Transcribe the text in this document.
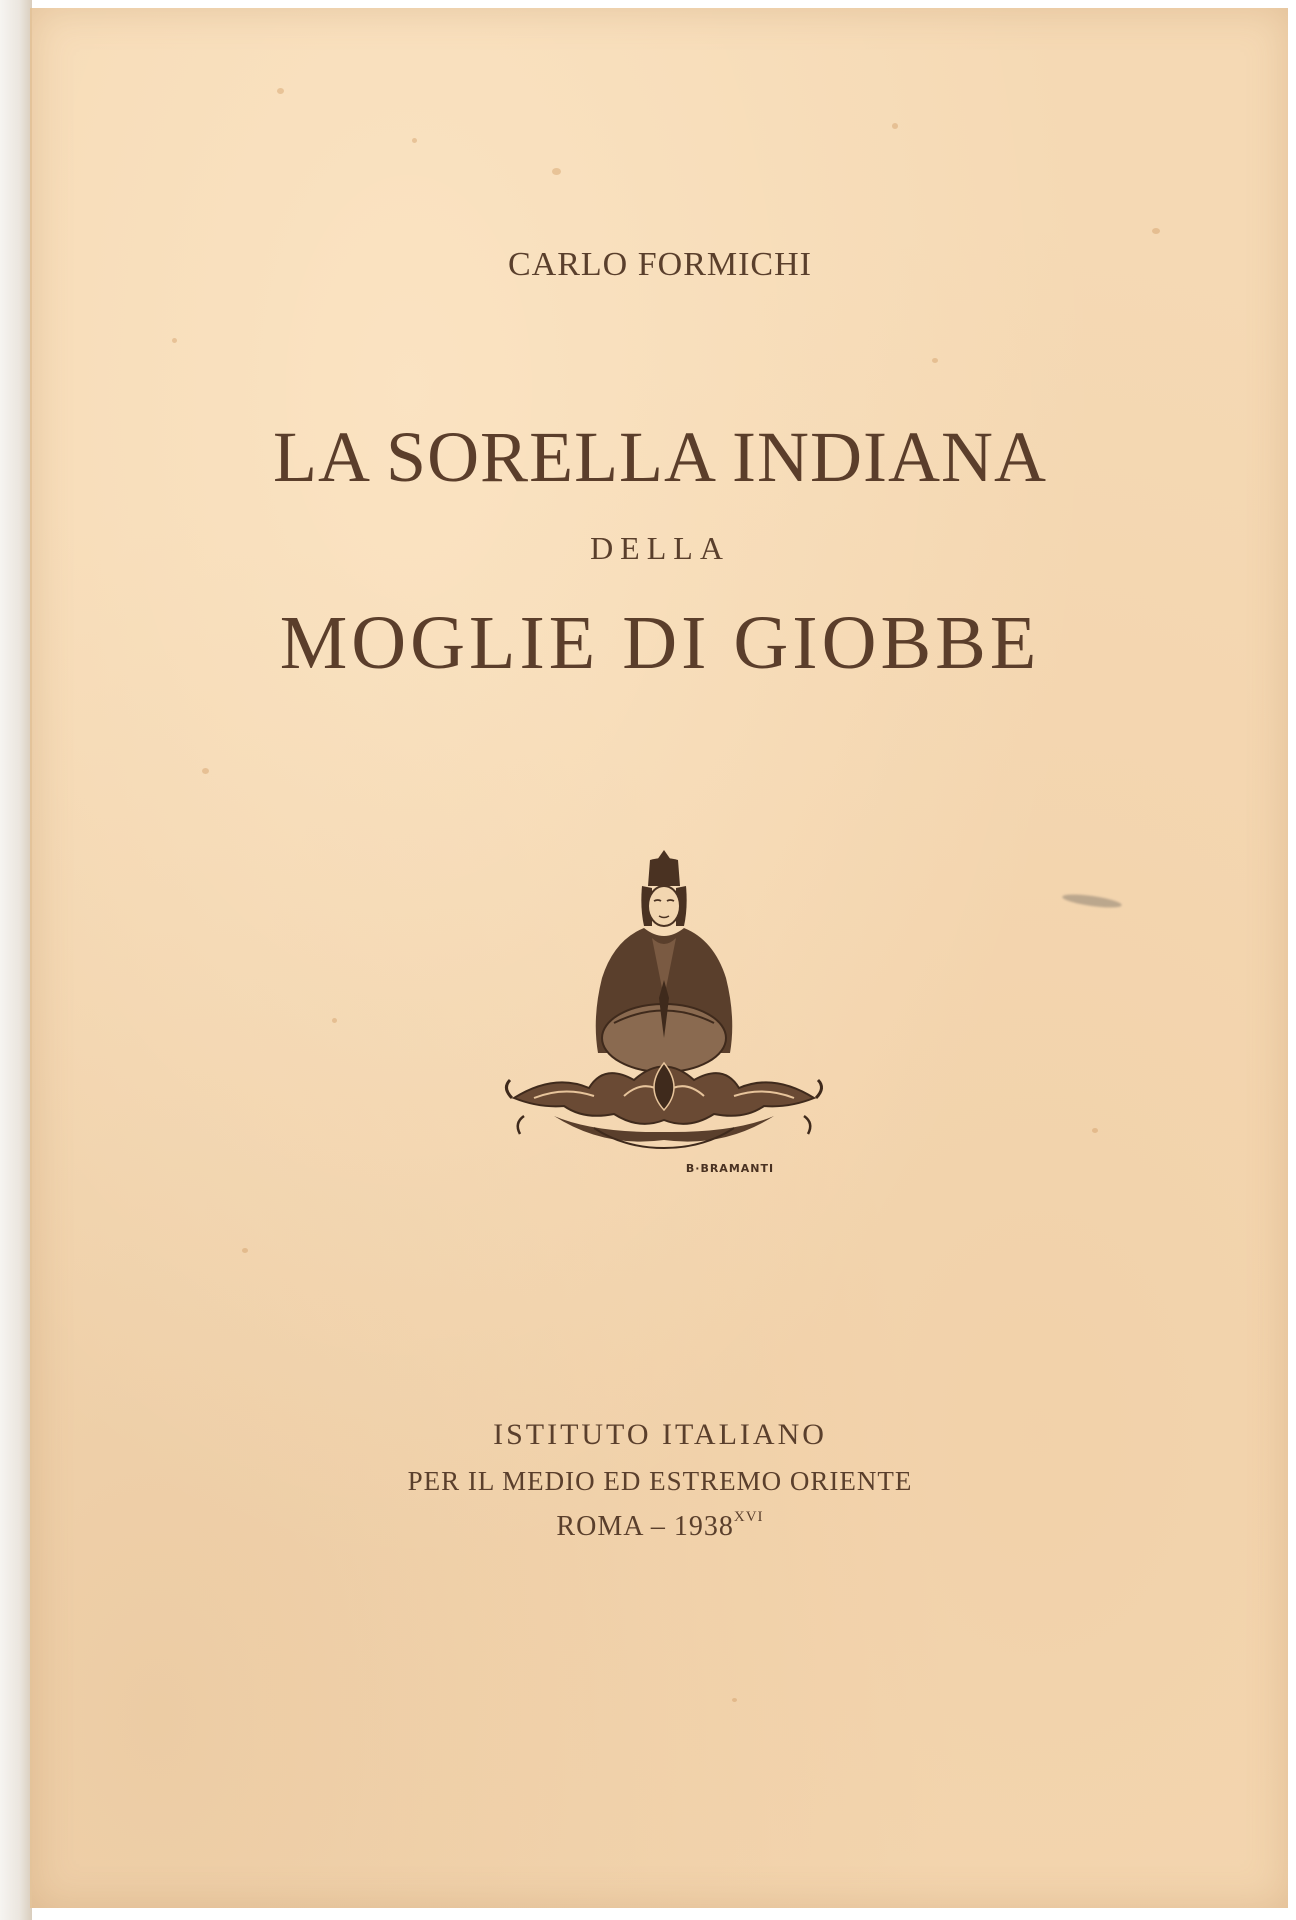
CARLO FORMICHI
LA SORELLA INDIANA
DELLA
MOGLIE DI GIOBBE
B·BRAMANTI
ISTITUTO ITALIANO
PER IL MEDIO ED ESTREMO ORIENTE
ROMA – $1938^{XVI}$
